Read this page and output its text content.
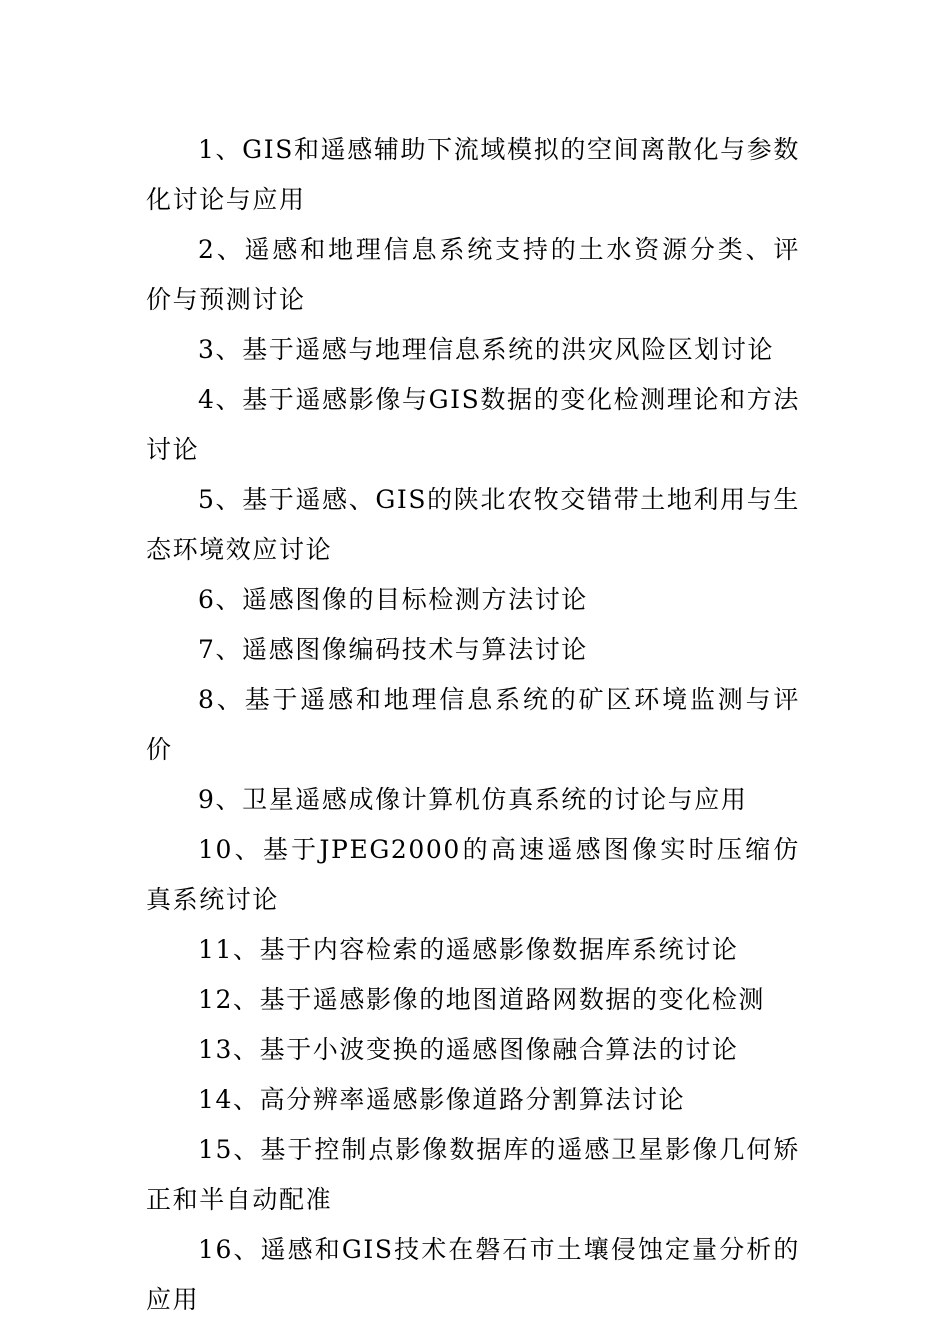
1、GIS和遥感辅助下流域模拟的空间离散化与参数化讨论与应用
2、遥感和地理信息系统支持的土水资源分类、评价与预测讨论
3、基于遥感与地理信息系统的洪灾风险区划讨论
4、基于遥感影像与GIS数据的变化检测理论和方法讨论
5、基于遥感、GIS的陕北农牧交错带土地利用与生态环境效应讨论
6、遥感图像的目标检测方法讨论
7、遥感图像编码技术与算法讨论
8、基于遥感和地理信息系统的矿区环境监测与评价
9、卫星遥感成像计算机仿真系统的讨论与应用
10、基于JPEG2000的高速遥感图像实时压缩仿真系统讨论
11、基于内容检索的遥感影像数据库系统讨论
12、基于遥感影像的地图道路网数据的变化检测
13、基于小波变换的遥感图像融合算法的讨论
14、高分辨率遥感影像道路分割算法讨论
15、基于控制点影像数据库的遥感卫星影像几何矫正和半自动配准
16、遥感和GIS技术在磐石市土壤侵蚀定量分析的应用
